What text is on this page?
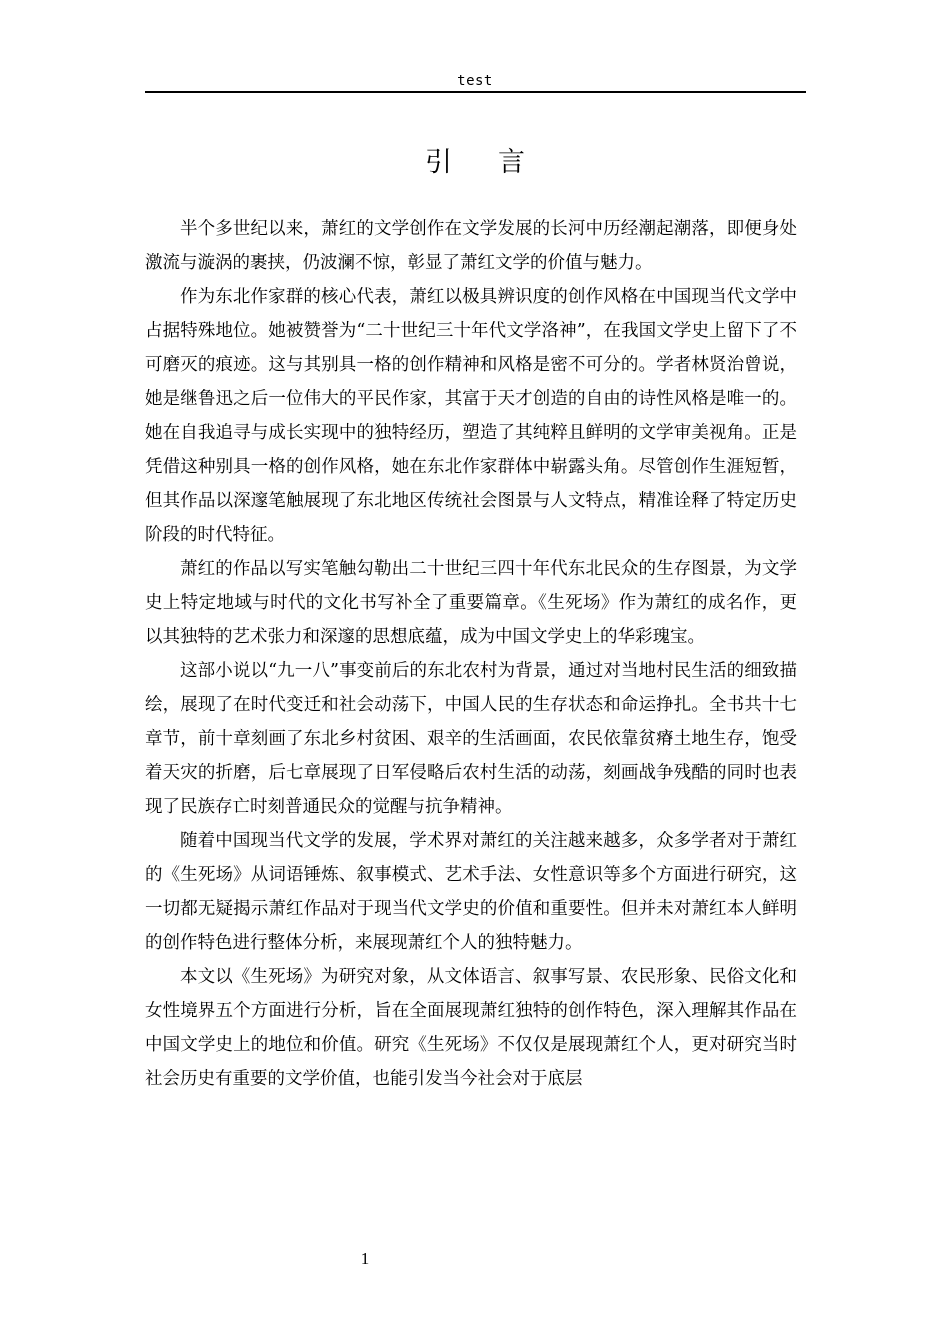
test
引言

半个多世纪以来，萧红的文学创作在文学发展的长河中历经潮起潮落，即便身处激流与漩涡的裹挟，仍波澜不惊，彰显了萧红文学的价值与魅力。

作为东北作家群的核心代表，萧红以极具辨识度的创作风格在中国现当代文学中占据特殊地位。她被赞誉为“二十世纪三十年代文学洛神”，在我国文学史上留下了不可磨灭的痕迹。这与其别具一格的创作精神和风格是密不可分的。学者林贤治曾说，她是继鲁迅之后一位伟大的平民作家，其富于天才创造的自由的诗性风格是唯一的。她在自我追寻与成长实现中的独特经历，塑造了其纯粹且鲜明的文学审美视角。正是凭借这种别具一格的创作风格，她在东北作家群体中崭露头角。尽管创作生涯短暂，但其作品以深邃笔触展现了东北地区传统社会图景与人文特点，精准诠释了特定历史阶段的时代特征。

萧红的作品以写实笔触勾勒出二十世纪三四十年代东北民众的生存图景，为文学史上特定地域与时代的文化书写补全了重要篇章。《生死场》作为萧红的成名作，更以其独特的艺术张力和深邃的思想底蕴，成为中国文学史上的华彩瑰宝。

这部小说以“九一八”事变前后的东北农村为背景，通过对当地村民生活的细致描绘，展现了在时代变迁和社会动荡下，中国人民的生存状态和命运挣扎。全书共十七章节，前十章刻画了东北乡村贫困、艰辛的生活画面，农民依靠贫瘠土地生存，饱受着天灾的折磨，后七章展现了日军侵略后农村生活的动荡，刻画战争残酷的同时也表现了民族存亡时刻普通民众的觉醒与抗争精神。

随着中国现当代文学的发展，学术界对萧红的关注越来越多，众多学者对于萧红的《生死场》从词语锤炼、叙事模式、艺术手法、女性意识等多个方面进行研究，这一切都无疑揭示萧红作品对于现当代文学史的价值和重要性。但并未对萧红本人鲜明的创作特色进行整体分析，来展现萧红个人的独特魅力。

本文以《生死场》为研究对象，从文体语言、叙事写景、农民形象、民俗文化和女性境界五个方面进行分析，旨在全面展现萧红独特的创作特色，深入理解其作品在中国文学史上的地位和价值。研究《生死场》不仅仅是展现萧红个人，更对研究当时社会历史有重要的文学价值，也能引发当今社会对于底层

1
